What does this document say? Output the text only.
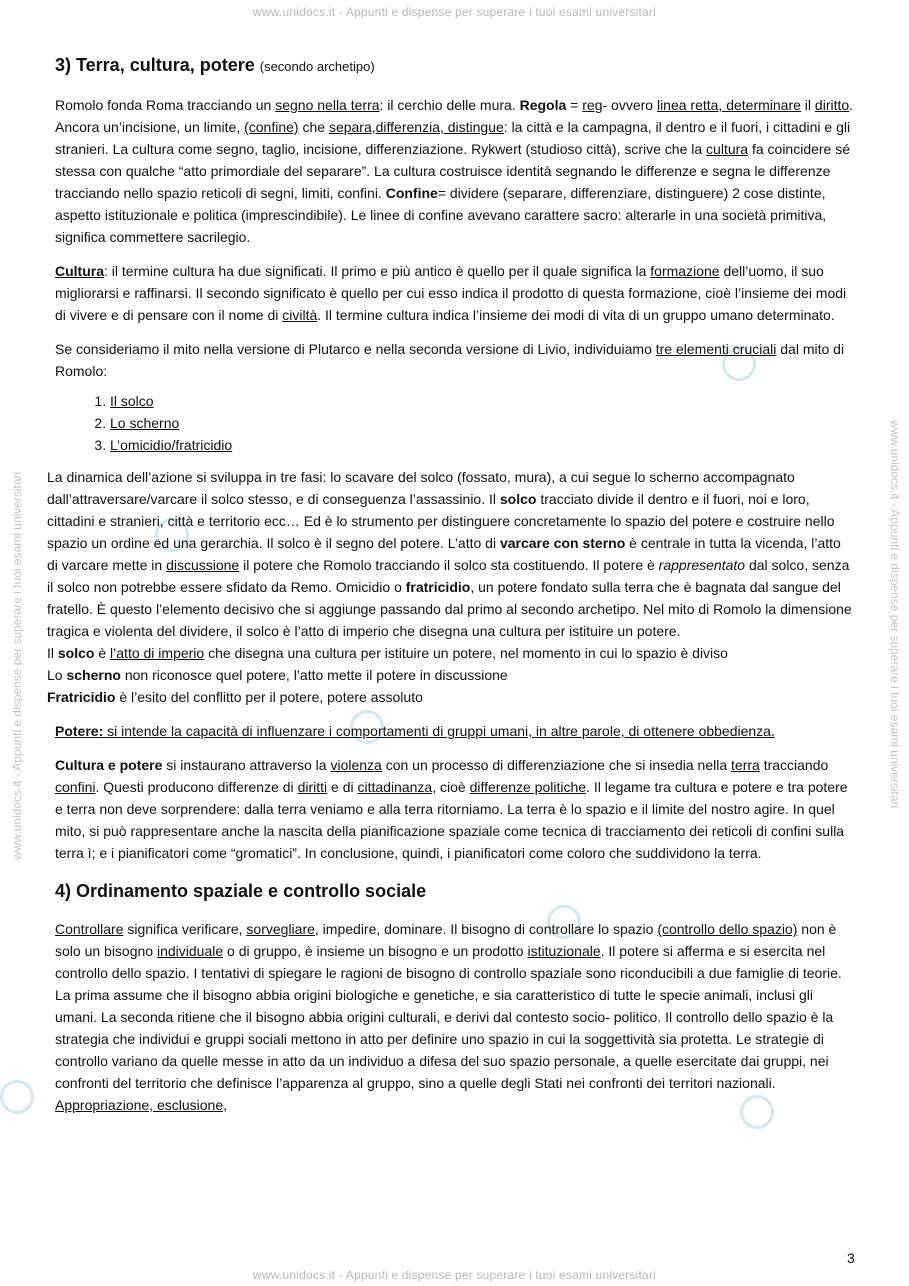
www.unidocs.it - Appunti e dispense per superare i tuoi esami universitari
www.unidocs.it - Appunti e dispense per superare i tuoi esami universitari	www.unidocs.it - Appunti e dispense per superare i tuoi esami universitari
3) Terra, cultura, potere (secondo archetipo)

Romolo fonda Roma tracciando un segno nella terra: il cerchio delle mura. Regola = reg- ovvero linea retta, determinare il diritto. Ancora un’incisione, un limite, (confine) che separa,differenzia, distingue: la città e la campagna, il dentro e il fuori, i cittadini e gli stranieri. La cultura come segno, taglio, incisione, differenziazione. Rykwert (studioso città), scrive che la cultura fa coincidere sé stessa con qualche “atto primordiale del separare”. La cultura costruisce identità segnando le differenze e segna le differenze tracciando nello spazio reticoli di segni, limiti, confini. Confine= dividere (separare, differenziare, distinguere) 2 cose distinte, aspetto istituzionale e politica (imprescindibile). Le linee di confine avevano carattere sacro: alterarle in una società primitiva, significa commettere sacrilegio.

Cultura: il termine cultura ha due significati. Il primo e più antico è quello per il quale significa la formazione dell’uomo, il suo migliorarsi e raffinarsi. Il secondo significato è quello per cui esso indica il prodotto di questa formazione, cioè l’insieme dei modi di vivere e di pensare con il nome di civiltà. Il termine cultura indica l’insieme dei modi di vita di un gruppo umano determinato.

Se consideriamo il mito nella versione di Plutarco e nella seconda versione di Livio, individuiamo tre elementi cruciali dal mito di Romolo:

1. Il solco
2. Lo scherno
3. L’omicidio/fratricidio

La dinamica dell’azione si sviluppa in tre fasi: lo scavare del solco (fossato, mura), a cui segue lo scherno accompagnato dall’attraversare/varcare il solco stesso, e di conseguenza l’assassinio. Il solco tracciato divide il dentro e il fuori, noi e loro, cittadini e stranieri, città e territorio ecc… Ed è lo strumento per distinguere concretamente lo spazio del potere e costruire nello spazio un ordine ed una gerarchia. Il solco è il segno del potere. L’atto di varcare con sterno è centrale in tutta la vicenda, l’atto di varcare mette in discussione il potere che Romolo tracciando il solco sta costituendo. Il potere è rappresentato dal solco, senza il solco non potrebbe essere sfidato da Remo. Omicidio o fratricidio, un potere fondato sulla terra che è bagnata dal sangue del fratello. È questo l’elemento decisivo che si aggiunge passando dal primo al secondo archetipo. Nel mito di Romolo la dimensione tragica e violenta del dividere, il solco è l’atto di imperio che disegna una cultura per istituire un potere.
Il solco è l’atto di imperio che disegna una cultura per istituire un potere, nel momento in cui lo spazio è diviso
Lo scherno non riconosce quel potere, l’atto mette il potere in discussione
Fratricidio è l’esito del conflitto per il potere, potere assoluto

Potere: si intende la capacità di influenzare i comportamenti di gruppi umani, in altre parole, di ottenere obbedienza.

Cultura e potere si instaurano attraverso la violenza con un processo di differenziazione che si insedia nella terra tracciando confini. Questi producono differenze di diritti e di cittadinanza, cioè differenze politiche. Il legame tra cultura e potere e tra potere e terra non deve sorprendere: dalla terra veniamo e alla terra ritorniamo. La terra è lo spazio e il limite del nostro agire. In quel mito, si può rappresentare anche la nascita della pianificazione spaziale come tecnica di tracciamento dei reticoli di confini sulla terra ì; e i pianificatori come “gromatici”. In conclusione, quindi, i pianificatori come coloro che suddividono la terra.

4) Ordinamento spaziale e controllo sociale

Controllare significa verificare, sorvegliare, impedire, dominare. Il bisogno di controllare lo spazio (controllo dello spazio) non è solo un bisogno individuale o di gruppo, è insieme un bisogno e un prodotto istituzionale. Il potere si afferma e si esercita nel controllo dello spazio. I tentativi di spiegare le ragioni de bisogno di controllo spaziale sono riconducibili a due famiglie di teorie. La prima assume che il bisogno abbia origini biologiche e genetiche, e sia caratteristico di tutte le specie animali, inclusi gli umani. La seconda ritiene che il bisogno abbia origini culturali, e derivi dal contesto socio- politico. Il controllo dello spazio è la strategia che individui e gruppi sociali mettono in atto per definire uno spazio in cui la soggettività sia protetta. Le strategie di controllo variano da quelle messe in atto da un individuo a difesa del suo spazio personale, a quelle esercitate dai gruppi, nei confronti del territorio che definisce l’apparenza al gruppo, sino a quelle degli Stati nei confronti dei territori nazionali. Appropriazione, esclusione,

3
www.unidocs.it - Appunti e dispense per superare i tuoi esami universitari
